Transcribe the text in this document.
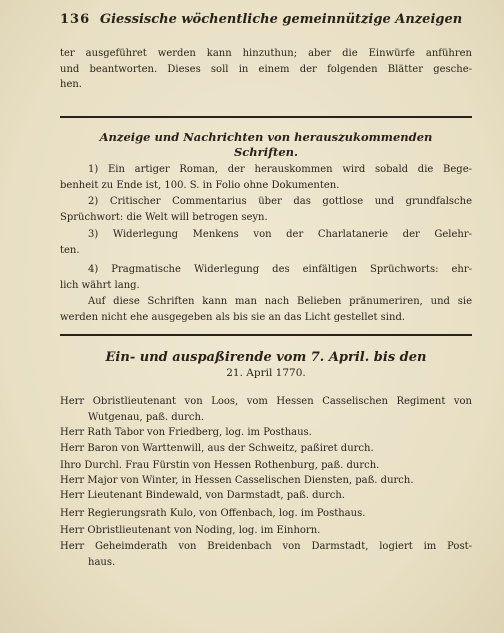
136 Giessische wöchentliche gemeinnützige Anzeigen

ter ausgeführet werden kann hinzuthun; aber die Einwürfe anführen
und beantworten. Dieses soll in einem der folgenden Blätter gesche-
hen.

Anzeige und Nachrichten von herauszukommenden
Schriften.

1) Ein artiger Roman, der herauskommen wird sobald die Bege-
benheit zu Ende ist, 100. S. in Folio ohne Dokumenten.

2) Critischer Commentarius über das gottlose und grundfalsche
Sprüchwort: die Welt will betrogen seyn.

3) Widerlegung Menkens von der Charlatanerie der Gelehr-
ten.

4) Pragmatische Widerlegung des einfältigen Sprüchworts: ehr-
lich währt lang.

Auf diese Schriften kann man nach Belieben pränumeriren, und sie
werden nicht ehe ausgegeben als bis sie an das Licht gestellet sind.

Ein- und auspaßirende vom 7. April. bis den

21. April 1770.

Herr Obristlieutenant von Loos, vom Hessen Casselischen Regiment von
Wutgenau, paß. durch.

Herr Rath Tabor von Friedberg, log. im Posthaus.

Herr Baron von Warttenwill, aus der Schweitz, paßiret durch.

Ihro Durchl. Frau Fürstin von Hessen Rothenburg, paß. durch.

Herr Major von Winter, in Hessen Casselischen Diensten, paß. durch.

Herr Lieutenant Bindewald, von Darmstadt, paß. durch.

Herr Regierungsrath Kulo, von Offenbach, log. im Posthaus.

Herr Obristlieutenant von Noding, log. im Einhorn.

Herr Geheimderath von Breidenbach von Darmstadt, logiert im Post-
haus.
